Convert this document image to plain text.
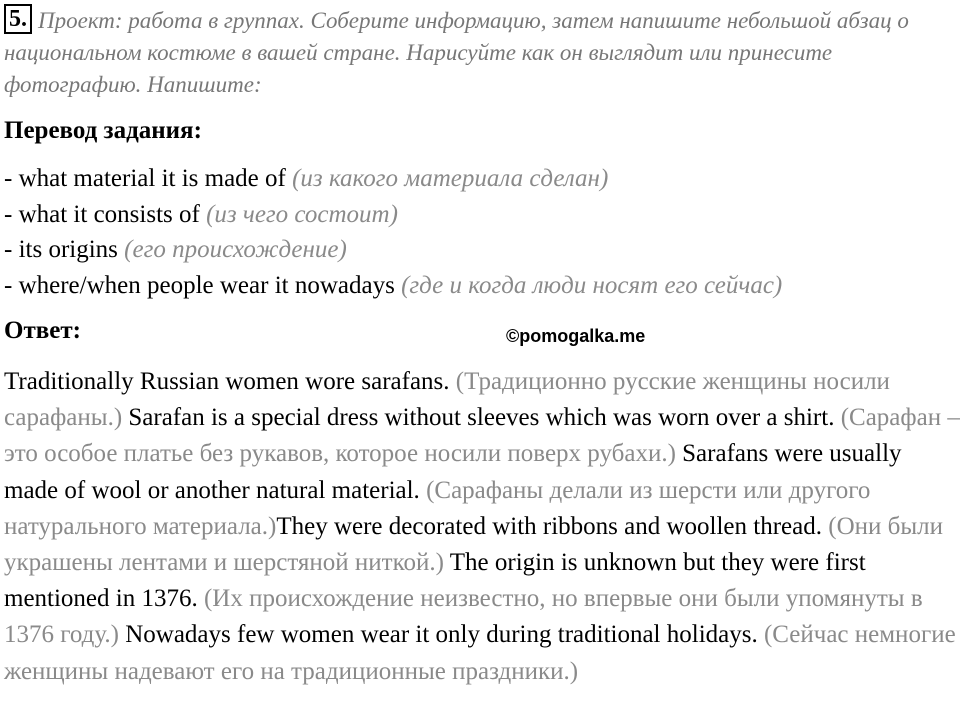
5. Проект: работа в группах. Соберите информацию, затем напишите небольшой абзац о национальном костюме в вашей стране. Нарисуйте как он выглядит или принесите фотографию. Напишите:
Перевод задания:
- what material it is made of (из какого материала сделан)
- what it consists of (из чего состоит)
- its origins (его происхождение)
- where/when people wear it nowadays (где и когда люди носят его сейчас)
Ответ:	©pomogalka.me

Traditionally Russian women wore sarafans. (Традиционно русские женщины носили сарафаны.) Sarafan is a special dress without sleeves which was worn over a shirt. (Сарафан – это особое платье без рукавов, которое носили поверх рубахи.) Sarafans were usually made of wool or another natural material. (Сарафаны делали из шерсти или другого натурального материала.)They were decorated with ribbons and woollen thread. (Они были украшены лентами и шерстяной ниткой.) The origin is unknown but they were first mentioned in 1376. (Их происхождение неизвестно, но впервые они были упомянуты в 1376 году.) Nowadays few women wear it only during traditional holidays. (Сейчас немногие женщины надевают его на традиционные праздники.)
